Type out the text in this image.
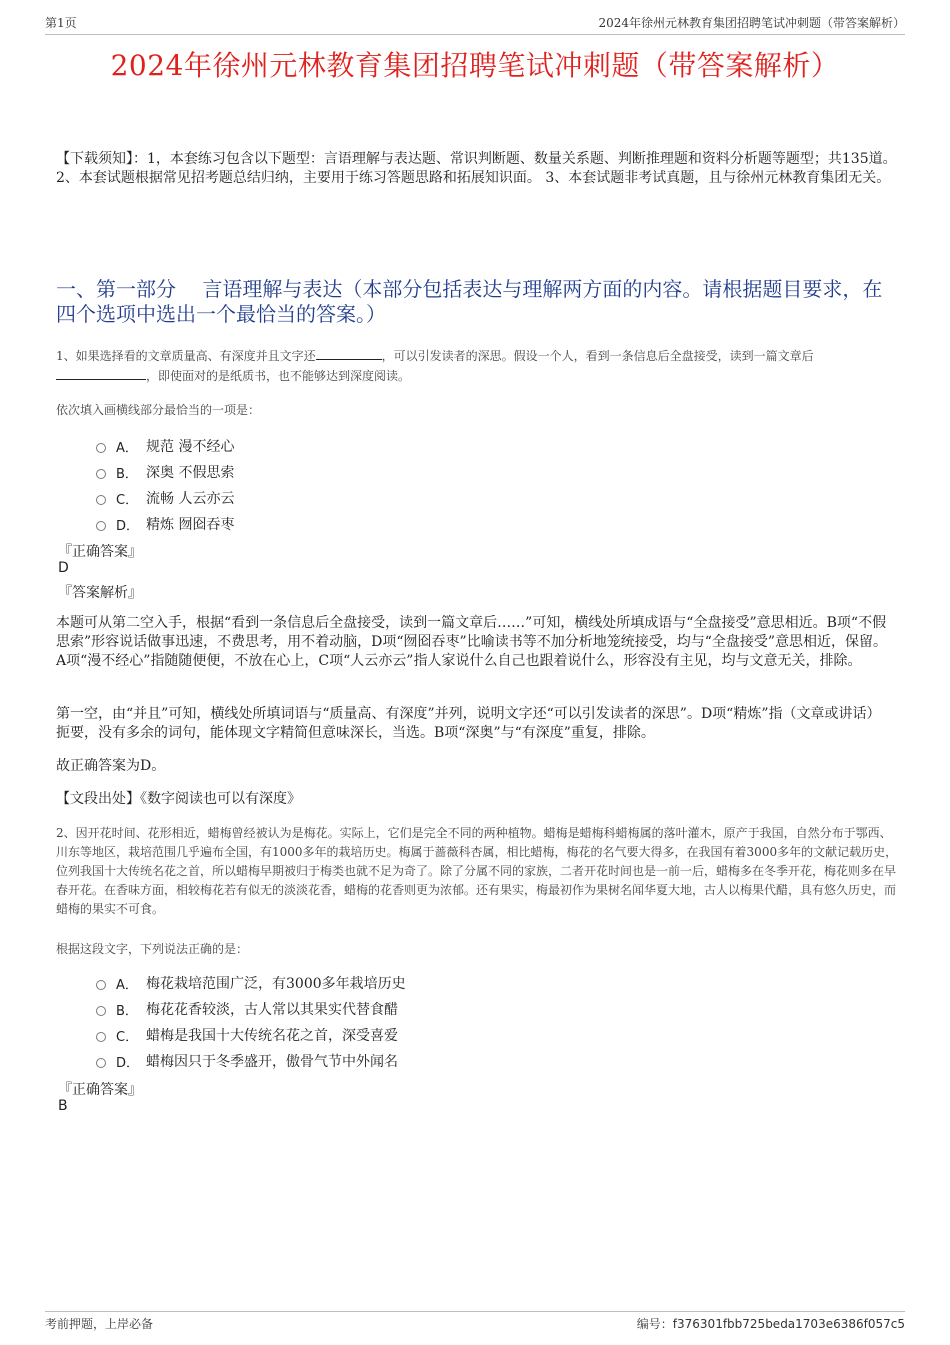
第1页	2024年徐州元林教育集团招聘笔试冲刺题（带答案解析）
2024年徐州元林教育集团招聘笔试冲刺题（带答案解析）
【下载须知】：1，本套练习包含以下题型：言语理解与表达题、常识判断题、数量关系题、判断推理题和资料分析题等题型；共135道。 2、本套试题根据常见招考题总结归纳，主要用于练习答题思路和拓展知识面。 3、本套试题非考试真题，且与徐州元林教育集团无关。
一、第一部分　 言语理解与表达（本部分包括表达与理解两方面的内容。请根据题目要求，在四个选项中选出一个最恰当的答案。）
1、如果选择看的文章质量高、有深度并且文字还	，可以引发读者的深思。假设一个人，看到一条信息后全盘接受，读到一篇文章后
，即使面对的是纸质书，也不能够达到深度阅读。
依次填入画横线部分最恰当的一项是：
A． 规范 漫不经心
B． 深奥 不假思索
C． 流畅 人云亦云
D． 精炼 囫囵吞枣
『正确答案』
D
『答案解析』
本题可从第二空入手，根据“看到一条信息后全盘接受，读到一篇文章后……”可知，横线处所填成语与“全盘接受”意思相近。B项“不假思索”形容说话做事迅速，不费思考，用不着动脑，D项“囫囵吞枣”比喻读书等不加分析地笼统接受，均与“全盘接受”意思相近，保留。A项“漫不经心”指随随便便，不放在心上，C项“人云亦云”指人家说什么自己也跟着说什么，形容没有主见，均与文意无关，排除。
第一空，由“并且”可知，横线处所填词语与“质量高、有深度”并列，说明文字还“可以引发读者的深思”。D项“精炼”指（文章或讲话）扼要，没有多余的词句，能体现文字精简但意味深长，当选。B项“深奥”与“有深度”重复，排除。
故正确答案为D。
【文段出处】《数字阅读也可以有深度》
2、因开花时间、花形相近，蜡梅曾经被认为是梅花。实际上，它们是完全不同的两种植物。蜡梅是蜡梅科蜡梅属的落叶灌木，原产于我国，自然分布于鄂西、川东等地区，栽培范围几乎遍布全国，有1000多年的栽培历史。梅属于蔷薇科杏属，相比蜡梅，梅花的名气要大得多，在我国有着3000多年的文献记载历史，位列我国十大传统名花之首，所以蜡梅早期被归于梅类也就不足为奇了。除了分属不同的家族，二者开花时间也是一前一后，蜡梅多在冬季开花，梅花则多在早春开花。在香味方面，相较梅花若有似无的淡淡花香，蜡梅的花香则更为浓郁。还有果实，梅最初作为果树名闻华夏大地，古人以梅果代醋，具有悠久历史，而蜡梅的果实不可食。
根据这段文字，下列说法正确的是：
A． 梅花栽培范围广泛，有3000多年栽培历史
B． 梅花花香较淡，古人常以其果实代替食醋
C． 蜡梅是我国十大传统名花之首，深受喜爱
D． 蜡梅因只于冬季盛开，傲骨气节中外闻名
『正确答案』
B
考前押题，上岸必备	编号：f376301fbb725beda1703e6386f057c5
